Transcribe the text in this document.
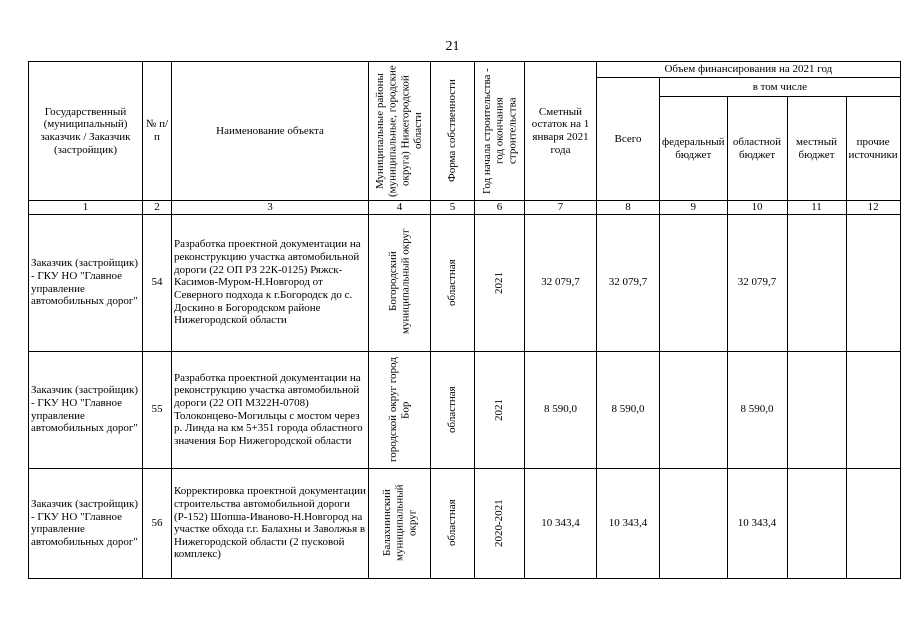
21
Государственный (муниципальный) заказчик / Заказчик (застройщик)	№ п/п	Наименование объекта	Муниципальные районы (муниципальные, городские округа) Нижегородской области	Форма собственности	Год начала строительства - год окончания строительства	Сметный остаток на 1 января 2021 года	Объем финансирования на 2021 год				
							Всего	в том числе			
								федеральный бюджет	областной бюджет	местный бюджет	прочие источники
1	2	3	4	5	6	7	8	9	10	11	12
Заказчик (застройщик) - ГКУ НО "Главное управление автомобильных дорог"	54	Разработка проектной документации на реконструкцию участка автомобильной дороги (22 ОП РЗ 22К-0125) Ряжск-Касимов-Муром-Н.Новгород от Северного подхода к г.Богородск до с. Доскино в Богородском районе Нижегородской области	Богородский муниципальный округ	областная	2021	32 079,7	32 079,7		32 079,7		
Заказчик (застройщик) - ГКУ НО "Главное управление автомобильных дорог"	55	Разработка проектной документации на реконструкцию участка автомобильной дороги (22 ОП М322Н-0708) Толоконцево-Могильцы с мостом через р. Линда на км 5+351 города областного значения Бор Нижегородской области	городской округ город Бор	областная	2021	8 590,0	8 590,0		8 590,0		
Заказчик (застройщик) - ГКУ НО "Главное управление автомобильных дорог"	56	Корректировка проектной документации строительства автомобильной дороги (Р-152) Шопша-Иваново-Н.Новгород на участке обхода г.г. Балахны и Заволжья в Нижегородской области (2 пусковой комплекс)	Балахнинский муниципальный округ	областная	2020-2021	10 343,4	10 343,4		10 343,4		
